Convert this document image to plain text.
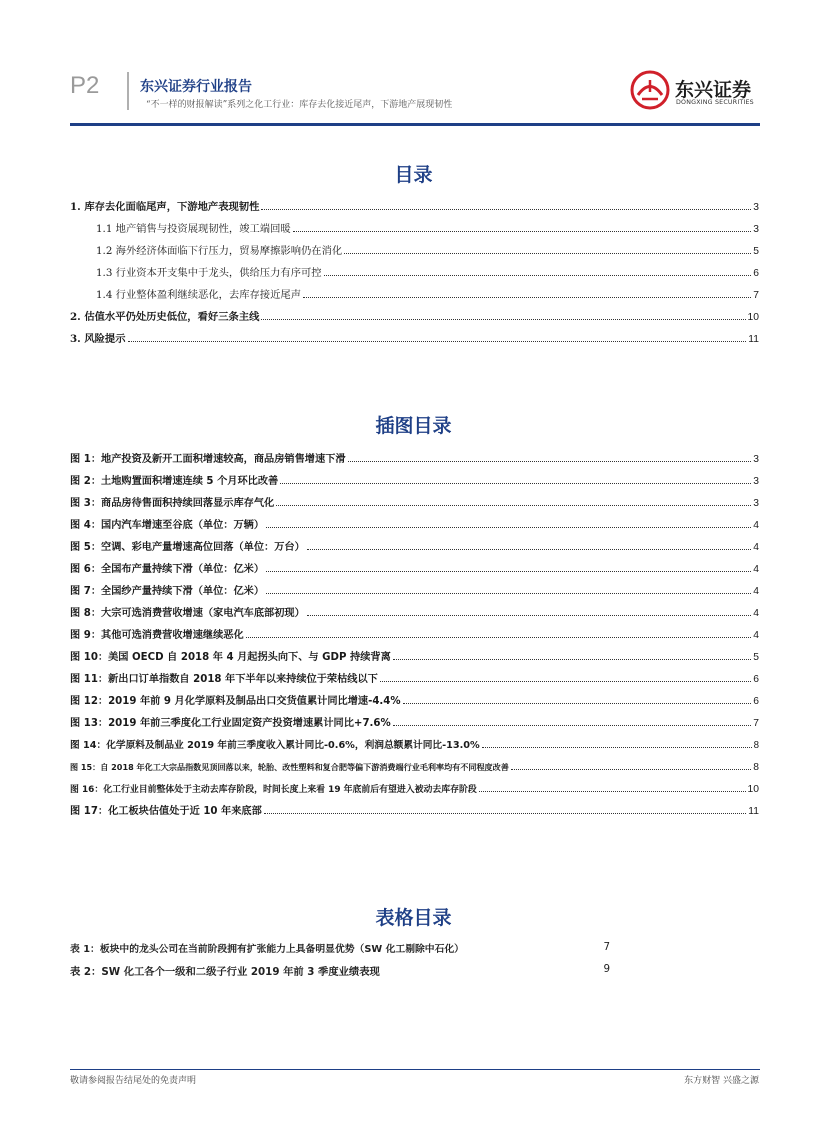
P2	东兴证券行业报告
“不一样的财报解读”系列之化工行业：库存去化接近尾声，下游地产展现韧性
东兴证券
DONGXING SECURITIES
目录
1. 库存去化面临尾声，下游地产表现韧性	3
1.1 地产销售与投资展现韧性，竣工端回暖	3
1.2 海外经济体面临下行压力，贸易摩擦影响仍在消化	5
1.3 行业资本开支集中于龙头，供给压力有序可控	6
1.4 行业整体盈利继续恶化，去库存接近尾声	7
2. 估值水平仍处历史低位，看好三条主线	10
3. 风险提示	11
插图目录
图 1：地产投资及新开工面积增速较高，商品房销售增速下滑	3
图 2：土地购置面积增速连续 5 个月环比改善	3
图 3：商品房待售面积持续回落显示库存气化	3
图 4：国内汽车增速至谷底（单位：万辆）	4
图 5：空调、彩电产量增速高位回落（单位：万台）	4
图 6：全国布产量持续下滑（单位：亿米）	4
图 7：全国纱产量持续下滑（单位：亿米）	4
图 8：大宗可选消费营收增速（家电汽车底部初现）	4
图 9：其他可选消费营收增速继续恶化	4
图 10：美国 OECD 自 2018 年 4 月起拐头向下、与 GDP 持续背离	5
图 11：新出口订单指数自 2018 年下半年以来持续位于荣枯线以下	6
图 12：2019 年前 9 月化学原料及制品出口交货值累计同比增速-4.4%	6
图 13：2019 年前三季度化工行业固定资产投资增速累计同比+7.6%	7
图 14：化学原料及制品业 2019 年前三季度收入累计同比-0.6%，利润总额累计同比-13.0%	8
图 15：自 2018 年化工大宗品指数见顶回落以来，轮胎、改性塑料和复合肥等偏下游消费端行业毛利率均有不同程度改善	8
图 16：化工行业目前整体处于主动去库存阶段，时间长度上来看 19 年底前后有望进入被动去库存阶段	10
图 17：化工板块估值处于近 10 年来底部	11
表格目录
表 1：板块中的龙头公司在当前阶段拥有扩张能力上具备明显优势（SW 化工剔除中石化）	7
表 2：SW 化工各个一级和二级子行业 2019 年前 3 季度业绩表现	9
敬请参阅报告结尾处的免责声明	东方财智 兴盛之源
